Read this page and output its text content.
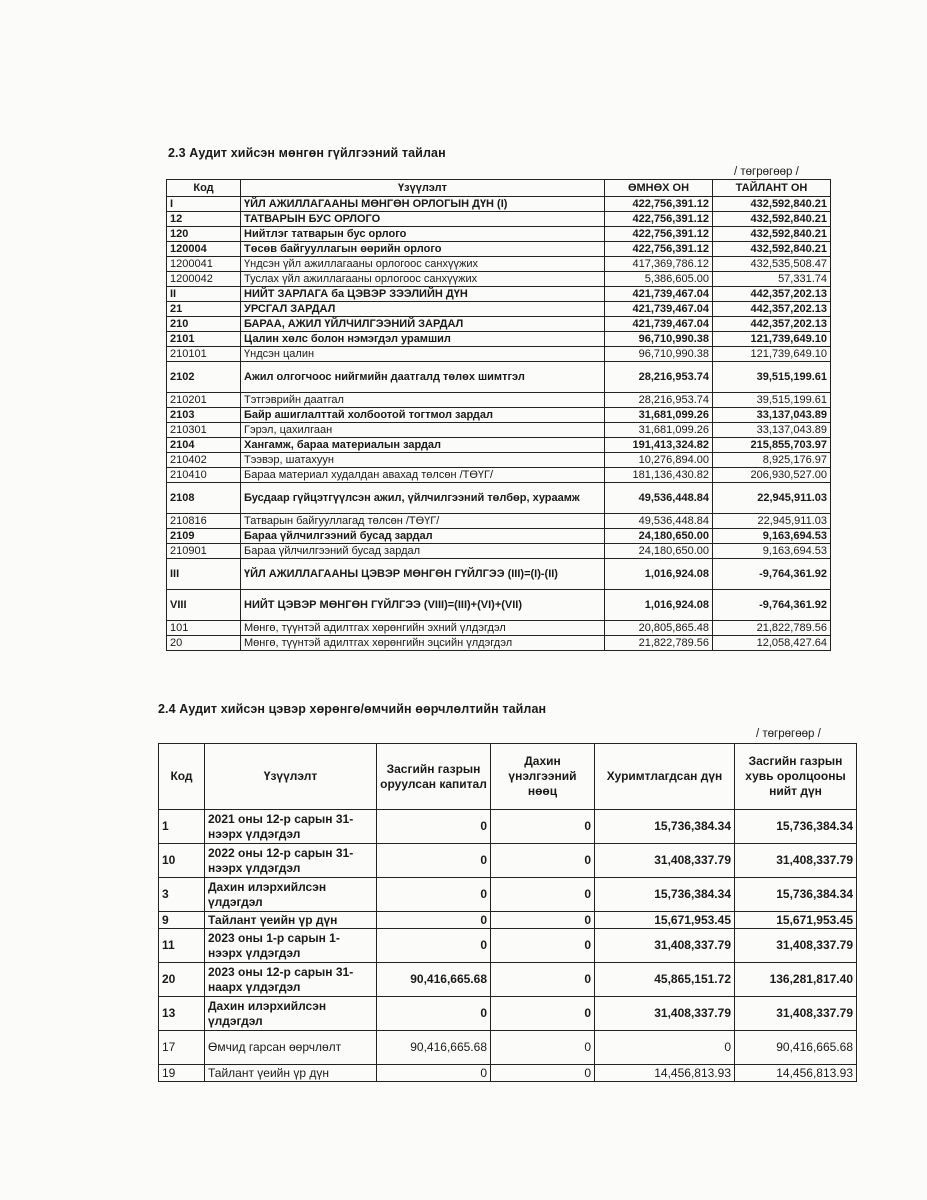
2.3 Аудит хийсэн мөнгөн гүйлгээний тайлан
/ төгрөгөөр /
Код	Үзүүлэлт	ӨМНӨХ ОН	ТАЙЛАНТ ОН
I	ҮЙЛ АЖИЛЛАГААНЫ МӨНГӨН ОРЛОГЫН ДҮН (I)	422,756,391.12	432,592,840.21
12	ТАТВАРЫН БУС ОРЛОГО	422,756,391.12	432,592,840.21
120	Нийтлэг татварын бус орлого	422,756,391.12	432,592,840.21
120004	Төсөв байгууллагын өөрийн орлого	422,756,391.12	432,592,840.21
1200041	Үндсэн үйл ажиллагааны орлогоос санхүүжих	417,369,786.12	432,535,508.47
1200042	Туслах үйл ажиллагааны орлогоос санхүүжих	5,386,605.00	57,331.74
II	НИЙТ ЗАРЛАГА ба ЦЭВЭР ЗЭЭЛИЙН ДҮН	421,739,467.04	442,357,202.13
21	УРСГАЛ ЗАРДАЛ	421,739,467.04	442,357,202.13
210	БАРАА, АЖИЛ ҮЙЛЧИЛГЭЭНИЙ ЗАРДАЛ	421,739,467.04	442,357,202.13
2101	Цалин хөлс болон нэмэгдэл урамшил	96,710,990.38	121,739,649.10
210101	Үндсэн цалин	96,710,990.38	121,739,649.10
2102	Ажил олгогчоос нийгмийн даатгалд төлөх шимтгэл	28,216,953.74	39,515,199.61
210201	Тэтгэврийн даатгал	28,216,953.74	39,515,199.61
2103	Байр ашиглалттай холбоотой тогтмол зардал	31,681,099.26	33,137,043.89
210301	Гэрэл, цахилгаан	31,681,099.26	33,137,043.89
2104	Хангамж, бараа материалын зардал	191,413,324.82	215,855,703.97
210402	Тээвэр, шатахуун	10,276,894.00	8,925,176.97
210410	Бараа материал худалдан авахад төлсөн /ТӨҮГ/	181,136,430.82	206,930,527.00
2108	Бусдаар гүйцэтгүүлсэн ажил, үйлчилгээний төлбөр, хураамж	49,536,448.84	22,945,911.03
210816	Татварын байгууллагад төлсөн /ТӨҮГ/	49,536,448.84	22,945,911.03
2109	Бараа үйлчилгээний бусад зардал	24,180,650.00	9,163,694.53
210901	Бараа үйлчилгээний бусад зардал	24,180,650.00	9,163,694.53
III	ҮЙЛ АЖИЛЛАГААНЫ ЦЭВЭР МӨНГӨН ГҮЙЛГЭЭ (III)=(I)-(II)	1,016,924.08	-9,764,361.92
VIII	НИЙТ ЦЭВЭР МӨНГӨН ГҮЙЛГЭЭ (VIII)=(III)+(VI)+(VII)	1,016,924.08	-9,764,361.92
101	Мөнгө, түүнтэй адилтгах хөрөнгийн эхний үлдэгдэл	20,805,865.48	21,822,789.56
20	Мөнгө, түүнтэй адилтгах хөрөнгийн эцсийн үлдэгдэл	21,822,789.56	12,058,427.64
2.4 Аудит хийсэн цэвэр хөрөнгө/өмчийн өөрчлөлтийн тайлан
/ төгрөгөөр /
Код	Үзүүлэлт	Засгийн газрын оруулсан капитал	Дахин үнэлгээний нөөц	Хуримтлагдсан дүн	Засгийн газрын хувь оролцооны нийт дүн
1	2021 оны 12-р сарын 31-нээрх үлдэгдэл	0	0	15,736,384.34	15,736,384.34
10	2022 оны 12-р сарын 31-нээрх үлдэгдэл	0	0	31,408,337.79	31,408,337.79
3	Дахин илэрхийлсэн үлдэгдэл	0	0	15,736,384.34	15,736,384.34
9	Тайлант үеийн үр дүн	0	0	15,671,953.45	15,671,953.45
11	2023 оны 1-р сарын 1-нээрх үлдэгдэл	0	0	31,408,337.79	31,408,337.79
20	2023 оны 12-р сарын 31-наарх үлдэгдэл	90,416,665.68	0	45,865,151.72	136,281,817.40
13	Дахин илэрхийлсэн үлдэгдэл	0	0	31,408,337.79	31,408,337.79
17	Өмчид гарсан өөрчлөлт	90,416,665.68	0	0	90,416,665.68
19	Тайлант үеийн үр дүн	0	0	14,456,813.93	14,456,813.93
